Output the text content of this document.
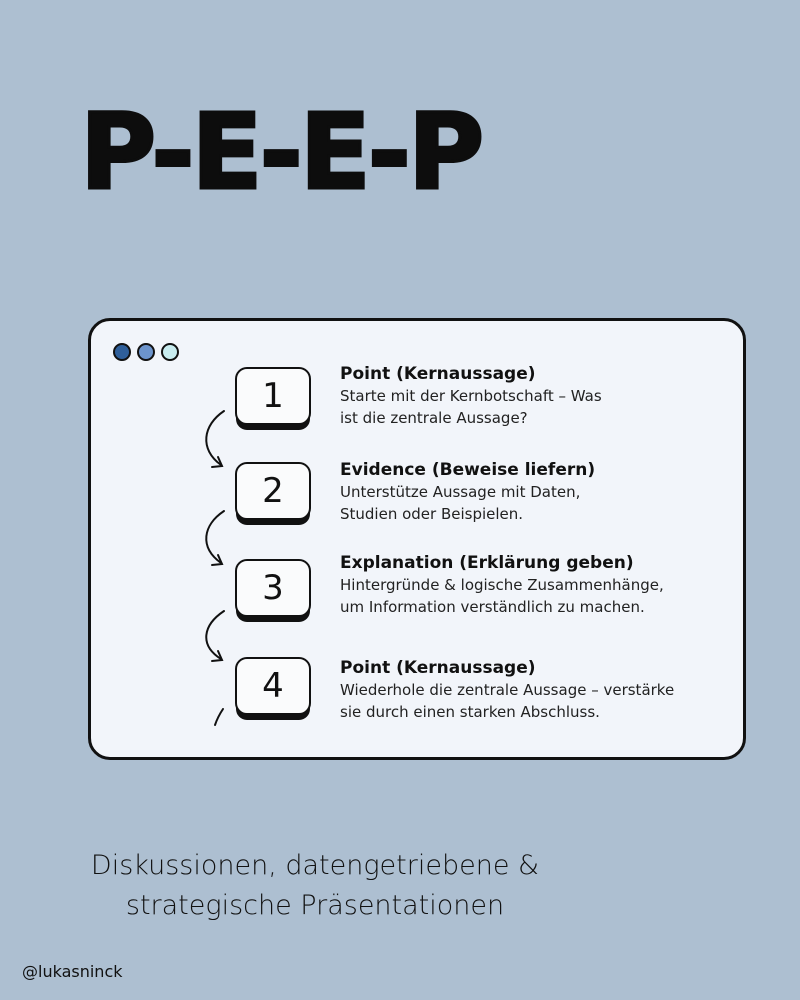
P-E-E-P
1
Point (Kernaussage)
Starte mit der Kernbotschaft – Was
ist die zentrale Aussage?
2
Evidence (Beweise liefern)
Unterstütze Aussage mit Daten,
Studien oder Beispielen.
3
Explanation (Erklärung geben)
Hintergründe & logische Zusammenhänge,
um Information verständlich zu machen.
4	Point (Kernaussage)
Wiederhole die zentrale Aussage – verstärke
sie durch einen starken Abschluss.
Diskussionen, datengetriebene &
strategische Präsentationen
@lukasninck
